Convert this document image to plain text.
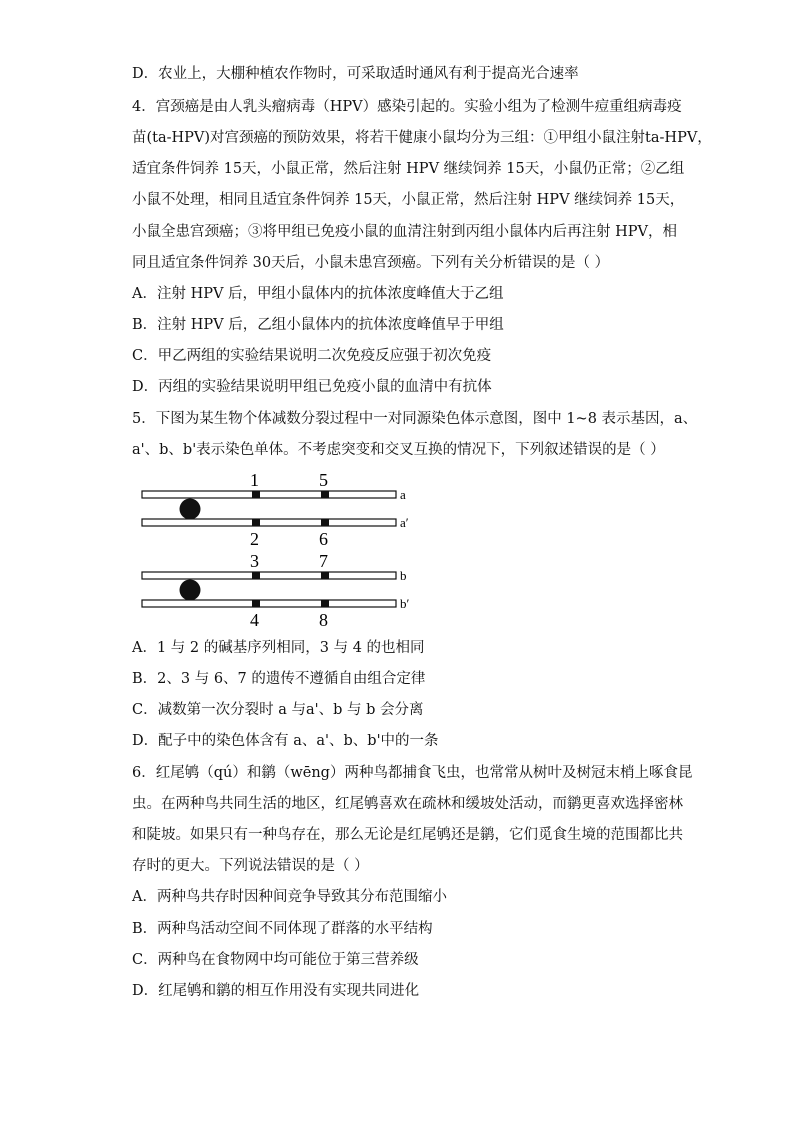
D．农业上，大棚种植农作物时，可采取适时通风有利于提高光合速率
4．宫颈癌是由人乳头瘤病毒（HPV）感染引起的。实验小组为了检测牛痘重组病毒疫
苗(ta-HPV)对宫颈癌的预防效果，将若干健康小鼠均分为三组：①甲组小鼠注射ta-HPV，
适宜条件饲养 15天，小鼠正常，然后注射 HPV 继续饲养 15天，小鼠仍正常；②乙组
小鼠不处理，相同且适宜条件饲养 15天，小鼠正常，然后注射 HPV 继续饲养 15天，
小鼠全患宫颈癌；③将甲组已免疫小鼠的血清注射到丙组小鼠体内后再注射 HPV，相
同且适宜条件饲养 30天后，小鼠未患宫颈癌。下列有关分析错误的是（ ）
A．注射 HPV 后，甲组小鼠体内的抗体浓度峰值大于乙组
B．注射 HPV 后，乙组小鼠体内的抗体浓度峰值早于甲组
C．甲乙两组的实验结果说明二次免疫反应强于初次免疫
D．丙组的实验结果说明甲组已免疫小鼠的血清中有抗体
5．下图为某生物个体减数分裂过程中一对同源染色体示意图，图中 1~8 表示基因，a、
a'、b、b'表示染色单体。不考虑突变和交叉互换的情况下，下列叙述错误的是（ ）
1	5
2	6
3	7
4	8
a
a′
b
b′
A．1 与 2 的碱基序列相同，3 与 4 的也相同
B．2、3 与 6、7 的遗传不遵循自由组合定律
C．减数第一次分裂时 a 与a'、b 与 b 会分离
D．配子中的染色体含有 a、a'、b、b'中的一条
6．红尾鸲（qú）和鹟（wēng）两种鸟都捕食飞虫，也常常从树叶及树冠末梢上啄食昆
虫。在两种鸟共同生活的地区，红尾鸲喜欢在疏林和缓坡处活动，而鹟更喜欢选择密林
和陡坡。如果只有一种鸟存在，那么无论是红尾鸲还是鹟，它们觅食生境的范围都比共
存时的更大。下列说法错误的是（ ）
A．两种鸟共存时因种间竞争导致其分布范围缩小
B．两种鸟活动空间不同体现了群落的水平结构
C．两种鸟在食物网中均可能位于第三营养级
D．红尾鸲和鹟的相互作用没有实现共同进化
